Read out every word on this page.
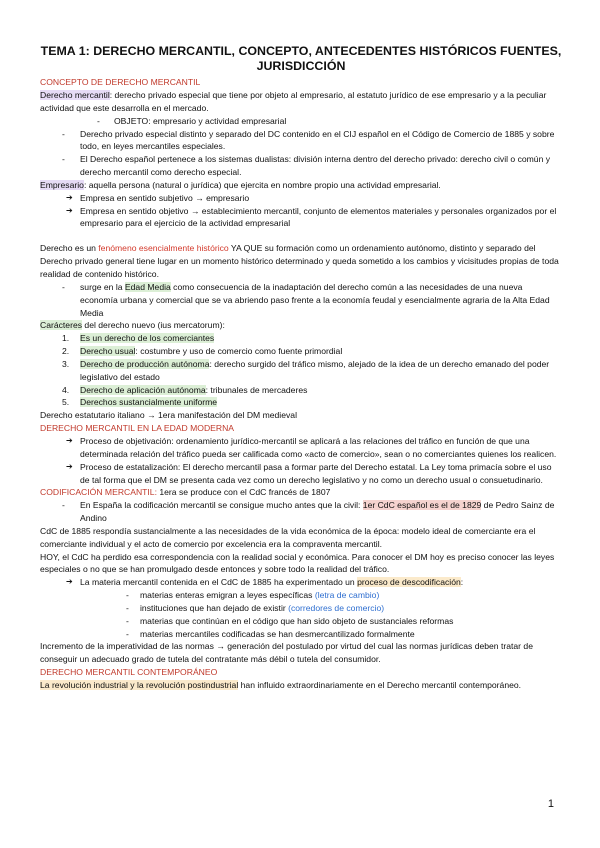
TEMA 1: DERECHO MERCANTIL, CONCEPTO, ANTECEDENTES HISTÓRICOS FUENTES, JURISDICCIÓN

CONCEPTO DE DERECHO MERCANTIL

Derecho mercantil: derecho privado especial que tiene por objeto al empresario, al estatuto jurídico de ese empresario y a la peculiar actividad que este desarrolla en el mercado.

- OBJETO: empresario y actividad empresarial

- Derecho privado especial distinto y separado del DC contenido en el CIJ español en el Código de Comercio de 1885 y sobre todo, en leyes mercantiles especiales.

- El Derecho español pertenece a los sistemas dualistas: división interna dentro del derecho privado: derecho civil o común y derecho mercantil como derecho especial.

Empresario: aquella persona (natural o jurídica) que ejercita en nombre propio una actividad empresarial.

➔ Empresa en sentido subjetivo → empresario

➔ Empresa en sentido objetivo → establecimiento mercantil, conjunto de elementos materiales y personales organizados por el empresario para el ejercicio de la actividad empresarial

Derecho es un fenómeno esencialmente histórico YA QUE su formación como un ordenamiento autónomo, distinto y separado del Derecho privado general tiene lugar en un momento histórico determinado y queda sometido a los cambios y vicisitudes propias de toda realidad de contenido histórico.

- surge en la Edad Media como consecuencia de la inadaptación del derecho común a las necesidades de una nueva economía urbana y comercial que se va abriendo paso frente a la economía feudal y esencialmente agraria de la Alta Edad Media

Carácteres del derecho nuevo (ius mercatorum):

1. Es un derecho de los comerciantes

2. Derecho usual: costumbre y uso de comercio como fuente primordial

3. Derecho de producción autónoma: derecho surgido del tráfico mismo, alejado de la idea de un derecho emanado del poder legislativo del estado

4. Derecho de aplicación autónoma: tribunales de mercaderes

5. Derechos sustancialmente uniforme

Derecho estatutario italiano → 1era manifestación del DM medieval

DERECHO MERCANTIL EN LA EDAD MODERNA

➔ Proceso de objetivación: ordenamiento jurídico-mercantil se aplicará a las relaciones del tráfico en función de que una determinada relación del tráfico pueda ser calificada como «acto de comercio», sean o no comerciantes quienes los realicen.

➔ Proceso de estatalización: El derecho mercantil pasa a formar parte del Derecho estatal. La Ley toma primacía sobre el uso de tal forma que el DM se presenta cada vez como un derecho legislativo y no como un derecho usual o consuetudinario.

CODIFICACIÓN MERCANTIL: 1era se produce con el CdC francés de 1807

- En España la codificación mercantil se consigue mucho antes que la civil: 1er CdC español es el de 1829 de Pedro Sainz de Andino

CdC de 1885 respondía sustancialmente a las necesidades de la vida económica de la época: modelo ideal de comerciante era el comerciante individual y el acto de comercio por excelencia era la compraventa mercantil.

HOY, el CdC ha perdido esa correspondencia con la realidad social y económica. Para conocer el DM hoy es preciso conocer las leyes especiales o no que se han promulgado desde entonces y sobre todo la realidad del tráfico.

➔ La materia mercantil contenida en el CdC de 1885 ha experimentado un proceso de descodificación:

- materias enteras emigran a leyes específicas (letra de cambio)

- instituciones que han dejado de existir (corredores de comercio)

- materias que continúan en el código que han sido objeto de sustanciales reformas

- materias mercantiles codificadas se han desmercantilizado formalmente

Incremento de la imperatividad de las normas → generación del postulado por virtud del cual las normas jurídicas deben tratar de conseguir un adecuado grado de tutela del contratante más débil o tutela del consumidor.

DERECHO MERCANTIL CONTEMPORÁNEO

La revolución industrial y la revolución postindustrial han influido extraordinariamente en el Derecho mercantil contemporáneo.

1
